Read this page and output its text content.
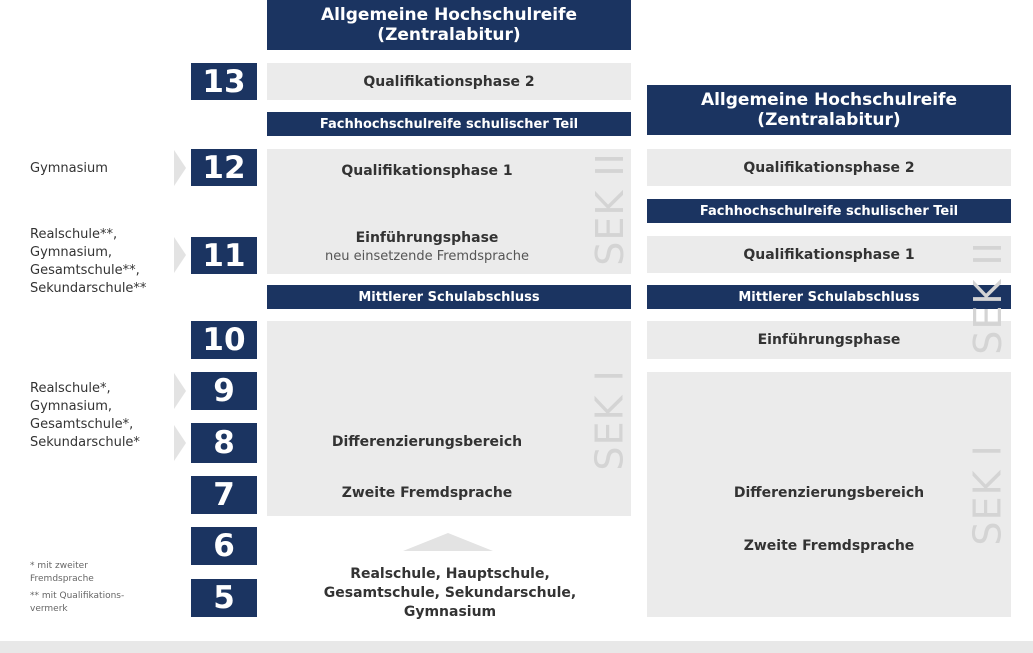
Allgemeine Hochschulreife
(Zentralabitur)
13	Qualifikationsphase 2
Fachhochschulreife schulischer Teil
12	Qualifikationsphase 1
11	Einführungsphase
neu einsetzende Fremdsprache	SEK II
Mittlerer Schulabschluss
10
9
8
7
Differenzierungsbereich
Zweite Fremdsprache
SEK I
6
5
Realschule, Hauptschule,
Gesamtschule, Sekundarschule,
Gymnasium
Gymnasium
Realschule**,
Gymnasium,
Gesamtschule**,
Sekundarschule**
Realschule*,
Gymnasium,
Gesamtschule*,
Sekundarschule*
* mit zweiter
Fremdsprache
** mit Qualifikations-
vermerk
Allgemeine Hochschulreife
(Zentralabitur)
Qualifikationsphase 2
Fachhochschulreife schulischer Teil
Qualifikationsphase 1
Mittlerer Schulabschluss
Einführungsphase SEK II
Differenzierungsbereich
Zweite Fremdsprache
SEK I
